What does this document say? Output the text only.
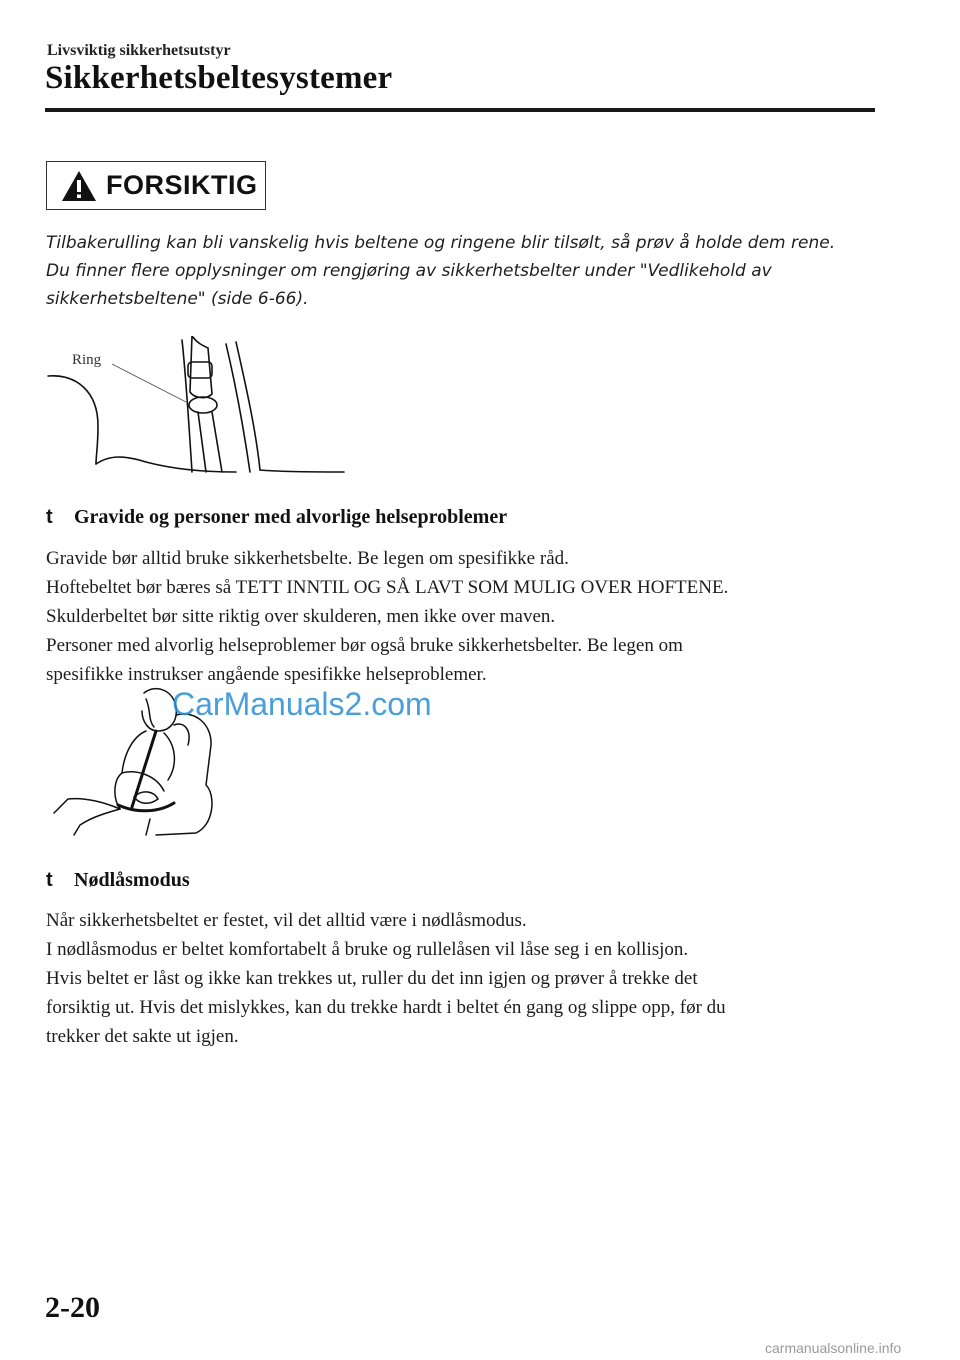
Livsviktig sikkerhetsutstyr
Sikkerhetsbeltesystemer
FORSIKTIG
Tilbakerulling kan bli vanskelig hvis beltene og ringene blir tilsølt, så prøv å holde dem rene.
Du finner flere opplysninger om rengjøring av sikkerhetsbelter under "Vedlikehold av
sikkerhetsbeltene" (side 6-66).
Ring
t Gravide og personer med alvorlige helseproblemer
Gravide bør alltid bruke sikkerhetsbelte. Be legen om spesifikke råd.
Hoftebeltet bør bæres så TETT INNTIL OG SÅ LAVT SOM MULIG OVER HOFTENE.
Skulderbeltet bør sitte riktig over skulderen, men ikke over maven.
Personer med alvorlig helseproblemer bør også bruke sikkerhetsbelter. Be legen om
spesifikke instrukser angående spesifikke helseproblemer.
CarManuals2.com
t Nødlåsmodus
Når sikkerhetsbeltet er festet, vil det alltid være i nødlåsmodus.
I nødlåsmodus er beltet komfortabelt å bruke og rullelåsen vil låse seg i en kollisjon.
Hvis beltet er låst og ikke kan trekkes ut, ruller du det inn igjen og prøver å trekke det
forsiktig ut. Hvis det mislykkes, kan du trekke hardt i beltet én gang og slippe opp, før du
trekker det sakte ut igjen.
2-20
carmanualsonline.info
